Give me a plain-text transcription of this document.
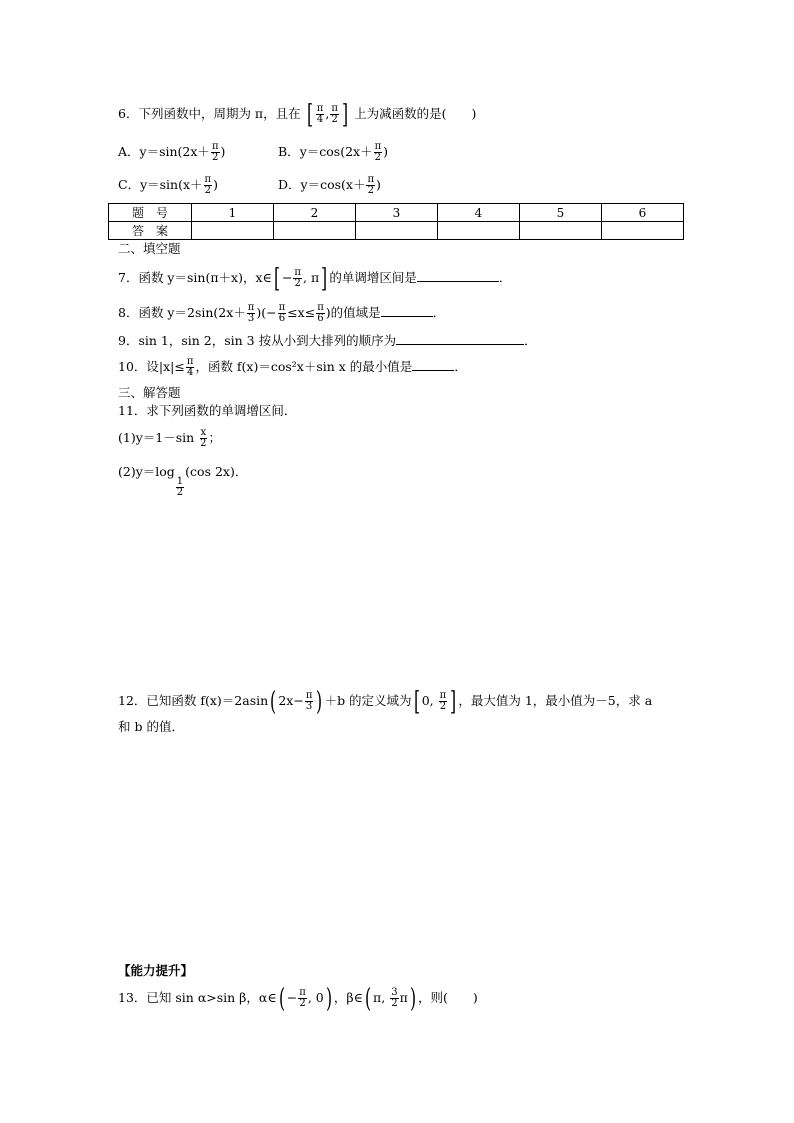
6．下列函数中，周期为 π，且在 [ $\frac{\pi}{4}$ , $\frac{\pi}{2}$ ] 上为减函数的是(　　)
A．$y=\sin(2x+ \frac{\pi}{2}$ )	B．$y=\cos(2x+ \frac{\pi}{2}$ )
C．$y=\sin(x+ \frac{\pi}{2}$ )	D．$y=\cos(x+ \frac{\pi}{2}$ )
题　号	1	2	3	4	5	6
答　案						
二、填空题
7．函数 y＝sin(π＋x)，x∈[ − $\frac{\pi}{2}$ , π] 的单调增区间是	．
8．函数 $y=2\sin(2x+ \frac{\pi}{3}$ )(− $\frac{\pi}{6} \le x\le \frac{\pi}{6}$ )的值域是	．
9．sin 1，sin 2，sin 3 按从小到大排列的顺序为	．
10．设$|x|\le \frac{\pi}{4}$ ，函数 f(x)＝cos²x＋sin x 的最小值是	．
三、解答题
11．求下列函数的单调增区间．
$(1)y=1-\sin \frac{x}{2}$ ；
(2)y＝log
$\frac{1}{2}$
(cos 2x)．
12．已知函数 f(x)＝2asin( $2x- \frac{\pi}{3}$ ) ＋b 的定义域为[ 0, $\frac{\pi}{2}$ ] ，最大值为 1，最小值为－5，求 a
和 b 的值．
【能力提升】
13．已知 sin α>sin β，α∈( − $\frac{\pi}{2}$ , 0) ，β∈( π, $\frac{3}{2} \pi$) ，则(　　)
